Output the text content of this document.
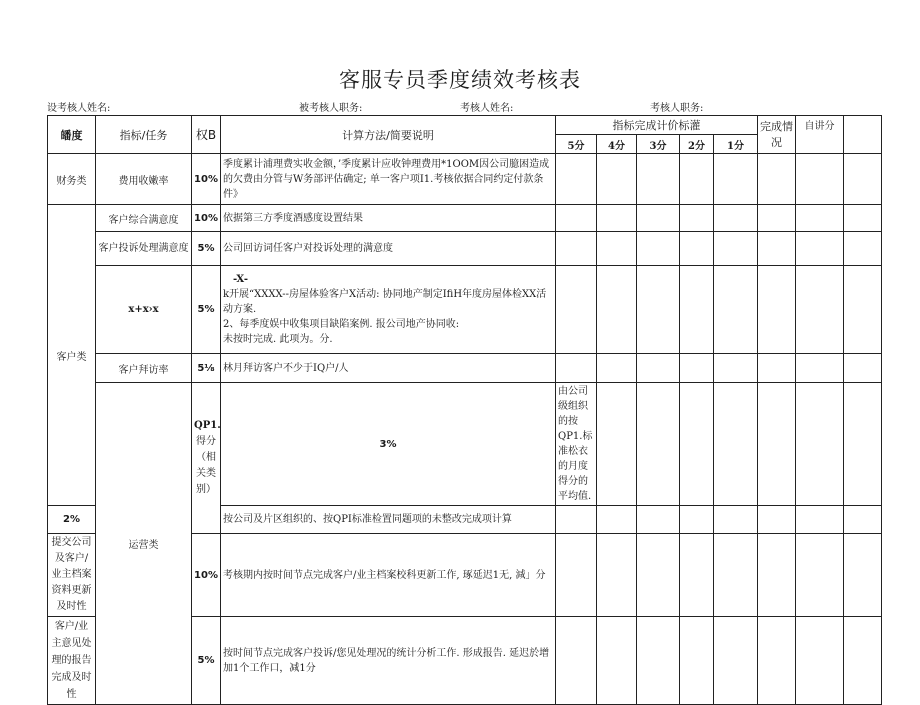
客服专员季度绩效考核表
设考核人姓名:	被考核人职务:	考核人姓名:	考核人职务:
皤度	指标/任务	权B	计算方法/简要说明	指标完成计价标灌					完成情况	自讲分		
				5分	4分	3分	2分	1分				
财务类	费用收嫩率	10%	季度累计浦理费实收金额，’季度累计应收钟理费用*1OOM因公司臆困造成的欠费由分管与W务部评估确定; 单一客户项I1.考核依据合同约定付款条件》									
客户类	客户综合满意度	10%	依据第三方季度酒感度设置结果									
	客户投诉处理满意度	5%	公司回访词任客户对投诉处理的满意度									
	x+x›x	5%	-X-
k开展“XXXX--房屋体验客户X活动: 协同地产制定IfiH年度房屋体检XX活动方案.
2、每季度娱中收集项目缺陷案例. 报公司地产协同收:
未按时完成. 此项为。分.									

	客户拜访率	5⅛	林月拜访客户不少于IQ户/人									
	运营类	QP1.得分（相关类别）	3%	由公司级组织的按QP1.标准松衣的月度得分的平均值.								
2%			按公司及片区组织的、按QPI标准检置同题项的未整改完成项计算									
提交公司及客户/业主档案资料更新及时性		10%	考核期内按时间节点完成客户/业主档案校科更新工作, 琢延迟1无, 減」分									
客户/业主意见处理的报告完成及时性		5%	按时间节点完成客户投诉/您见处理况的统计分析工作. 形成报告. 延迟於增加1个工作口，减1分									
